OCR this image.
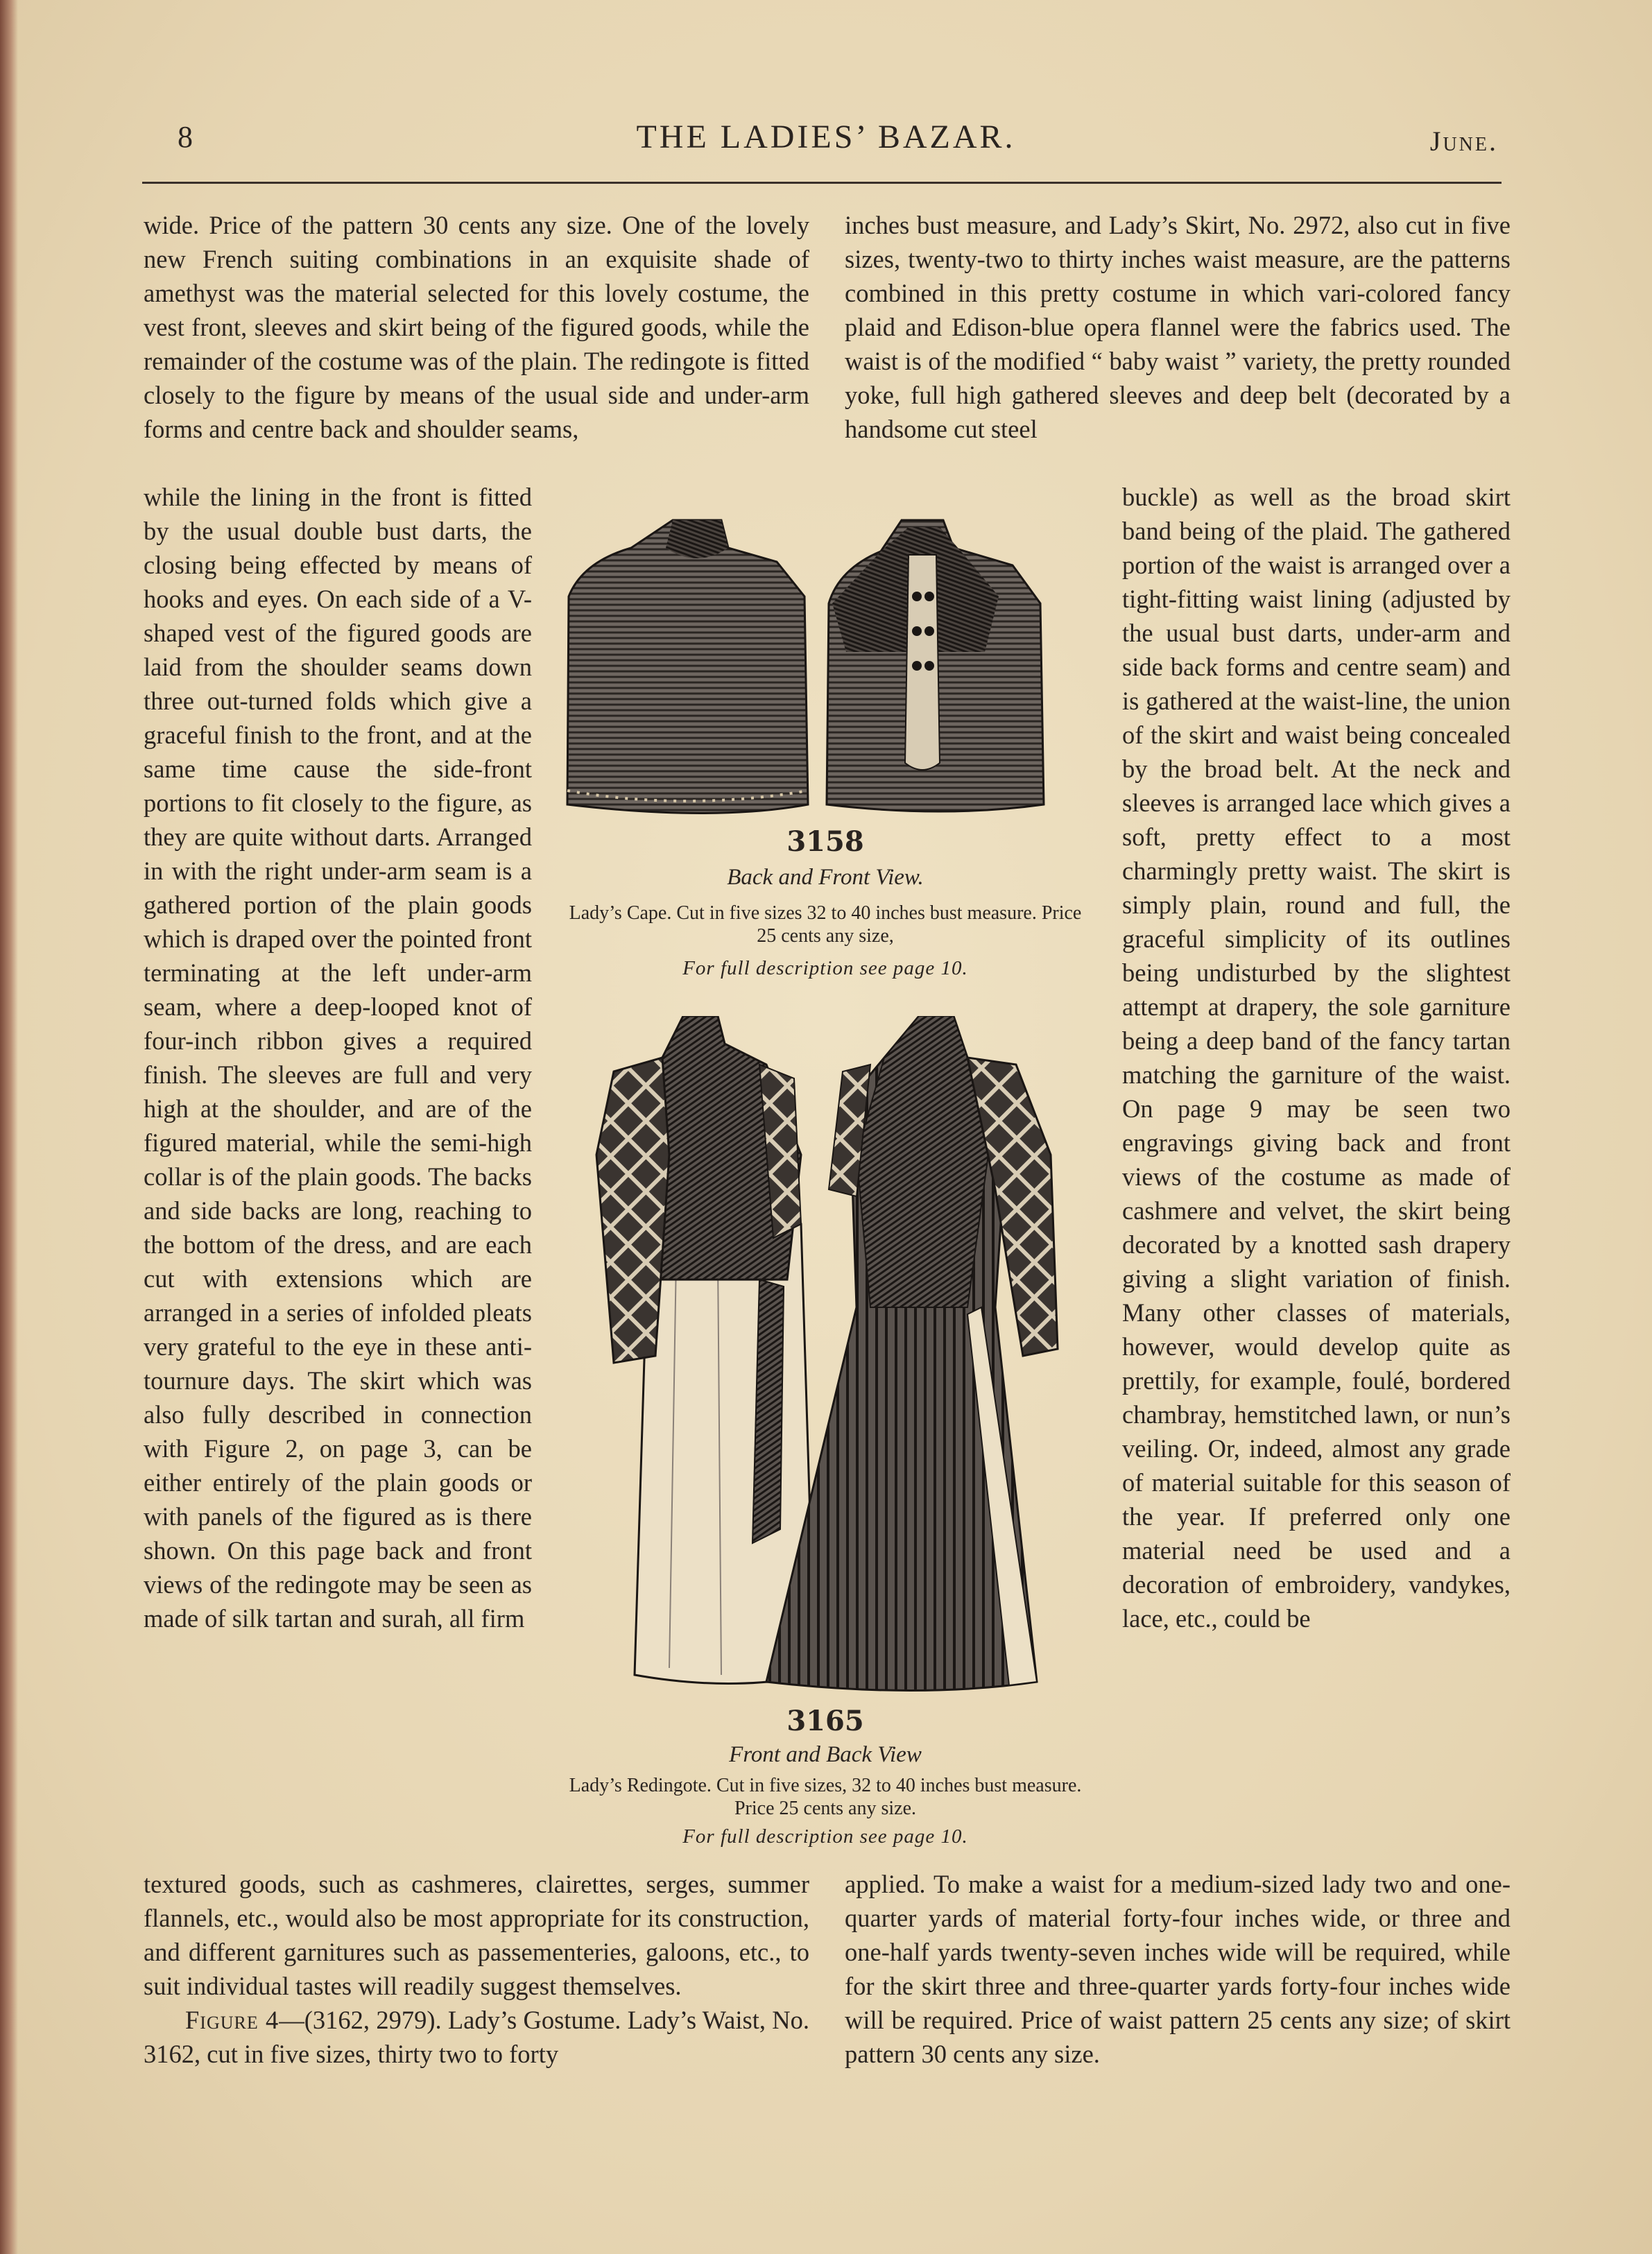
8	THE LADIES’ BAZAR.	June.

wide. Price of the pattern 30 cents any size. One of the lovely new French suiting combinations in an exquisite shade of amethyst was the material selected for this lovely costume, the vest front, sleeves and skirt being of the figured goods, while the remainder of the costume was of the plain. The redingote is fitted closely to the figure by means of the usual side and under-arm forms and centre back and shoulder seams,

while the lining in the front is fitted by the usual double bust darts, the closing being effected by means of hooks and eyes. On each side of a V-shaped vest of the figured goods are laid from the shoulder seams down three out-turned folds which give a graceful finish to the front, and at the same time cause the side-front portions to fit closely to the figure, as they are quite without darts. Arranged in with the right under-arm seam is a gathered portion of the plain goods which is draped over the pointed front terminating at the left under-arm seam, where a deep-looped knot of four-inch ribbon gives a required finish. The sleeves are full and very high at the shoulder, and are of the figured material, while the semi-high collar is of the plain goods. The backs and side backs are long, reaching to the bottom of the dress, and are each cut with extensions which are arranged in a series of infolded pleats very grateful to the eye in these anti-tournure days. The skirt which was also fully described in connection with Figure 2, on page 3, can be either entirely of the plain goods or with panels of the figured as is there shown. On this page back and front views of the redingote may be seen as made of silk tartan and surah, all firm

textured goods, such as cashmeres, clairettes, serges, summer flannels, etc., would also be most appropriate for its construction, and different garnitures such as passementeries, galoons, etc., to suit individual tastes will readily suggest themselves.

Figure 4—(3162, 2979). Lady’s Gostume. Lady’s Waist, No. 3162, cut in five sizes, thirty two to forty

inches bust measure, and Lady’s Skirt, No. 2972, also cut in five sizes, twenty-two to thirty inches waist measure, are the patterns combined in this pretty costume in which vari-colored fancy plaid and Edison-blue opera flannel were the fabrics used. The waist is of the modified “ baby waist ” variety, the pretty rounded yoke, full high gathered sleeves and deep belt (decorated by a handsome cut steel

buckle) as well as the broad skirt band being of the plaid. The gathered portion of the waist is arranged over a tight-fitting waist lining (adjusted by the usual bust darts, under-arm and side back forms and centre seam) and is gathered at the waist-line, the union of the skirt and waist being concealed by the broad belt. At the neck and sleeves is arranged lace which gives a soft, pretty effect to a most charmingly pretty waist. The skirt is simply plain, round and full, the graceful simplicity of its outlines being undisturbed by the slightest attempt at drapery, the sole garniture being a deep band of the fancy tartan matching the garniture of the waist. On page 9 may be seen two engravings giving back and front views of the costume as made of cashmere and velvet, the skirt being decorated by a knotted sash drapery giving a slight variation of finish. Many other classes of materials, however, would develop quite as prettily, for example, foulé, bordered chambray, hemstitched lawn, or nun’s veiling. Or, indeed, almost any grade of material suitable for this season of the year. If preferred only one material need be used and a decoration of embroidery, vandykes, lace, etc., could be

applied. To make a waist for a medium-sized lady two and one-quarter yards of material forty-four inches wide, or three and one-half yards twenty-seven inches wide will be required, while for the skirt three and three-quarter yards forty-four inches wide will be required. Price of waist pattern 25 cents any size; of skirt pattern 30 cents any size.

3158
Back and Front View.
Lady’s Cape. Cut in five sizes 32 to 40 inches bust measure. Price 25 cents any size,
For full description see page 10.
3165
Front and Back View
Lady’s Redingote. Cut in five sizes, 32 to 40 inches bust measure. Price 25 cents any size.
For full description see page 10.
